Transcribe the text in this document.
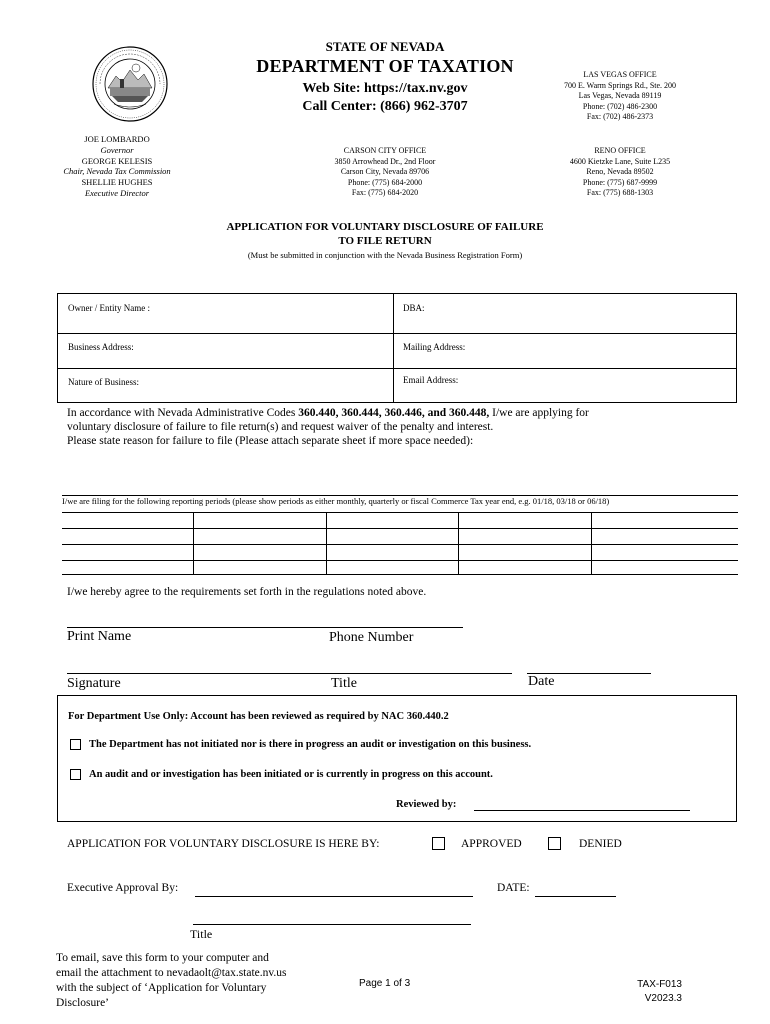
STATE OF NEVADA
DEPARTMENT OF TAXATION
Web Site: https://tax.nv.gov
Call Center: (866) 962-3707
LAS VEGAS OFFICE
700 E. Warm Springs Rd., Ste. 200
Las Vegas, Nevada 89119
Phone: (702) 486-2300
Fax: (702) 486-2373
CARSON CITY OFFICE
3850 Arrowhead Dr., 2nd Floor
Carson City, Nevada 89706
Phone: (775) 684-2000
Fax: (775) 684-2020
RENO OFFICE
4600 Kietzke Lane, Suite L235
Reno, Nevada 89502
Phone: (775) 687-9999
Fax: (775) 688-1303
JOE LOMBARDO
Governor
GEORGE KELESIS
Chair, Nevada Tax Commission
SHELLIE HUGHES
Executive Director
APPLICATION FOR VOLUNTARY DISCLOSURE OF FAILURE
TO FILE RETURN
(Must be submitted in conjunction with the Nevada Business Registration Form)
Owner / Entity Name :	DBA:
Business Address:	Mailing Address:
Nature of Business:	Email Address:
In accordance with Nevada Administrative Codes 360.440, 360.444, 360.446, and 360.448, I/we are applying for
voluntary disclosure of failure to file return(s) and request waiver of the penalty and interest.
Please state reason for failure to file (Please attach separate sheet if more space needed):
I/we are filing for the following reporting periods (please show periods as either monthly, quarterly or fiscal Commerce Tax year end, e.g. 01/18, 03/18 or 06/18)
I/we hereby agree to the requirements set forth in the regulations noted above.
Print Name	Phone Number
Signature	Title	Date
For Department Use Only: Account has been reviewed as required by NAC 360.440.2
The Department has not initiated nor is there in progress an audit or investigation on this business.
An audit and or investigation has been initiated or is currently in progress on this account.
Reviewed by:
APPLICATION FOR VOLUNTARY DISCLOSURE IS HERE BY:	APPROVED	DENIED
Executive Approval By:	DATE:
Title
To email, save this form to your computer and
email the attachment to nevadaolt@tax.state.nv.us
with the subject of ‘Application for Voluntary
Disclosure’
Page 1 of 3	TAX-F013
V2023.3
